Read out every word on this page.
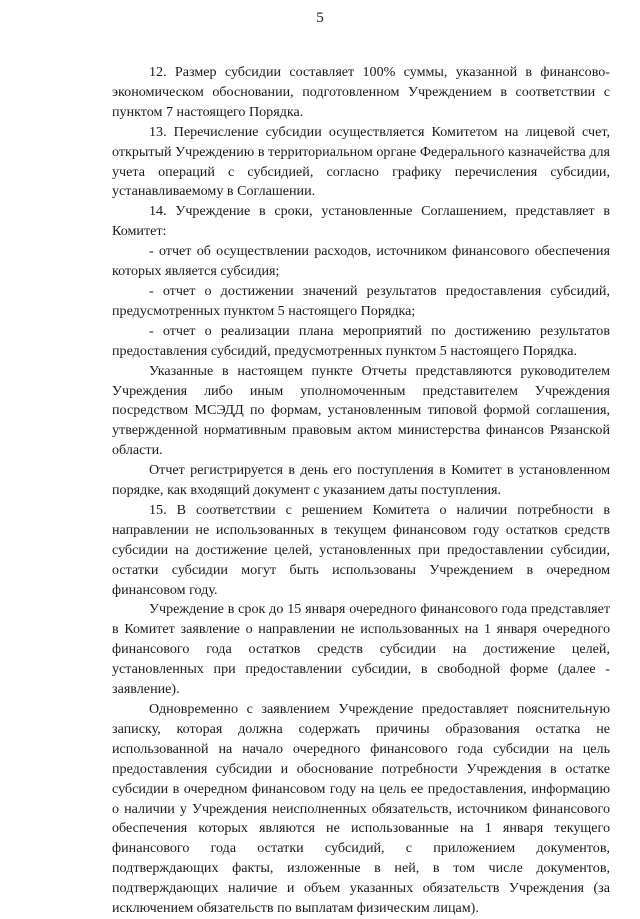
5

12. Размер субсидии составляет 100% суммы, указанной в финансово-экономическом обосновании, подготовленном Учреждением в соответствии с пунктом 7 настоящего Порядка.

13. Перечисление субсидии осуществляется Комитетом на лицевой счет, открытый Учреждению в территориальном органе Федерального казначейства для учета операций с субсидией, согласно графику перечисления субсидии, устанавливаемому в Соглашении.

14. Учреждение в сроки, установленные Соглашением, представляет в Комитет:

- отчет об осуществлении расходов, источником финансового обеспечения которых является субсидия;

- отчет о достижении значений результатов предоставления субсидий, предусмотренных пунктом 5 настоящего Порядка;

- отчет о реализации плана мероприятий по достижению результатов предоставления субсидий, предусмотренных пунктом 5 настоящего Порядка.

Указанные в настоящем пункте Отчеты представляются руководителем Учреждения либо иным уполномоченным представителем Учреждения посредством МСЭДД по формам, установленным типовой формой соглашения, утвержденной нормативным правовым актом министерства финансов Рязанской области.

Отчет регистрируется в день его поступления в Комитет в установленном порядке, как входящий документ с указанием даты поступления.

15. В соответствии с решением Комитета о наличии потребности в направлении не использованных в текущем финансовом году остатков средств субсидии на достижение целей, установленных при предоставлении субсидии, остатки субсидии могут быть использованы Учреждением в очередном финансовом году.

Учреждение в срок до 15 января очередного финансового года представляет в Комитет заявление о направлении не использованных на 1 января очередного финансового года остатков средств субсидии на достижение целей, установленных при предоставлении субсидии, в свободной форме (далее - заявление).

Одновременно с заявлением Учреждение предоставляет пояснительную записку, которая должна содержать причины образования остатка не использованной на начало очередного финансового года субсидии на цель предоставления субсидии и обоснование потребности Учреждения в остатке субсидии в очередном финансовом году на цель ее предоставления, информацию о наличии у Учреждения неисполненных обязательств, источником финансового обеспечения которых являются не использованные на 1 января текущего финансового года остатки субсидий, с приложением документов, подтверждающих факты, изложенные в ней, в том числе документов, подтверждающих наличие и объем указанных обязательств Учреждения (за исключением обязательств по выплатам физическим лицам).
